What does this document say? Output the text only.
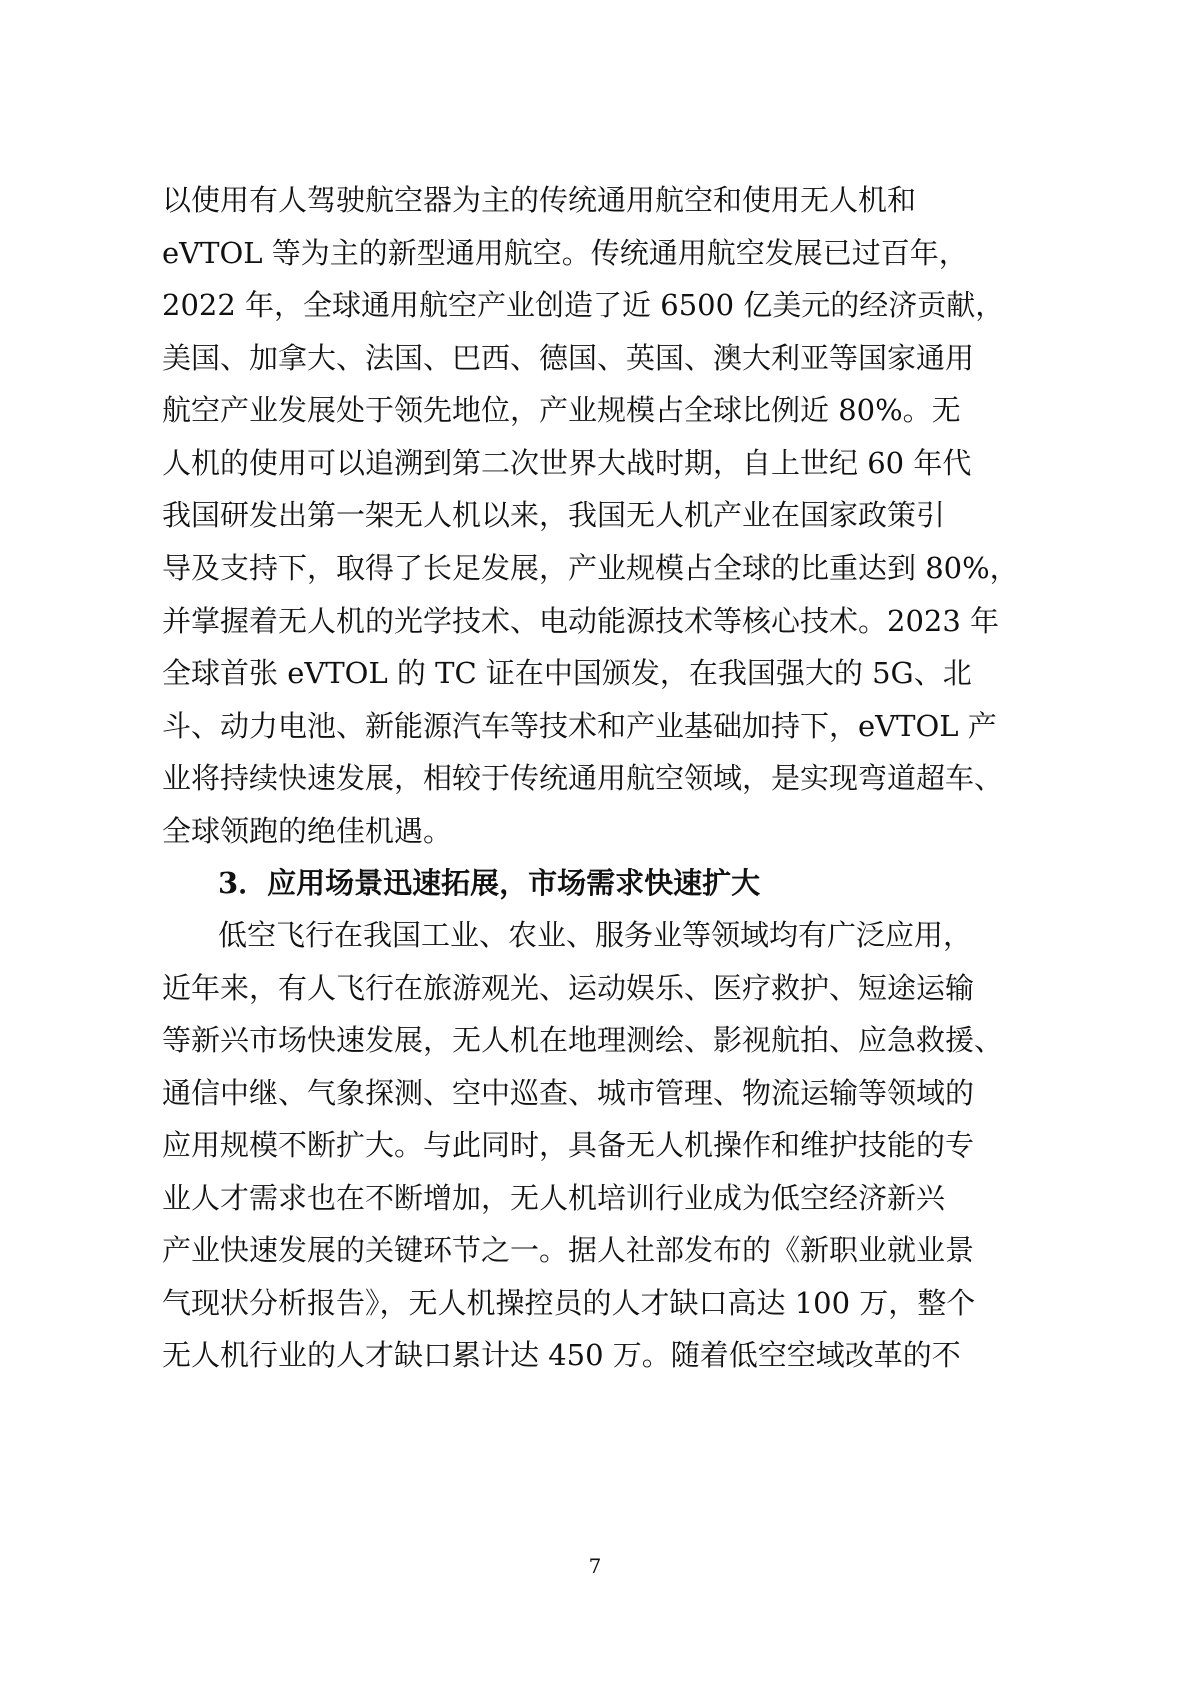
以使用有人驾驶航空器为主的传统通用航空和使用无人机和
eVTOL 等为主的新型通用航空。传统通用航空发展已过百年，
2022 年，全球通用航空产业创造了近 6500 亿美元的经济贡献，
美国、加拿大、法国、巴西、德国、英国、澳大利亚等国家通用
航空产业发展处于领先地位，产业规模占全球比例近 80%。无
人机的使用可以追溯到第二次世界大战时期，自上世纪 60 年代
我国研发出第一架无人机以来，我国无人机产业在国家政策引
导及支持下，取得了长足发展，产业规模占全球的比重达到 80%，
并掌握着无人机的光学技术、电动能源技术等核心技术。2023 年
全球首张 eVTOL 的 TC 证在中国颁发，在我国强大的 5G、北
斗、动力电池、新能源汽车等技术和产业基础加持下，eVTOL 产
业将持续快速发展，相较于传统通用航空领域，是实现弯道超车、
全球领跑的绝佳机遇。
3．应用场景迅速拓展，市场需求快速扩大
低空飞行在我国工业、农业、服务业等领域均有广泛应用，
近年来，有人飞行在旅游观光、运动娱乐、医疗救护、短途运输
等新兴市场快速发展，无人机在地理测绘、影视航拍、应急救援、
通信中继、气象探测、空中巡查、城市管理、物流运输等领域的
应用规模不断扩大。与此同时，具备无人机操作和维护技能的专
业人才需求也在不断增加，无人机培训行业成为低空经济新兴
产业快速发展的关键环节之一。据人社部发布的《新职业就业景
气现状分析报告》，无人机操控员的人才缺口高达 100 万，整个
无人机行业的人才缺口累计达 450 万。随着低空空域改革的不
7
